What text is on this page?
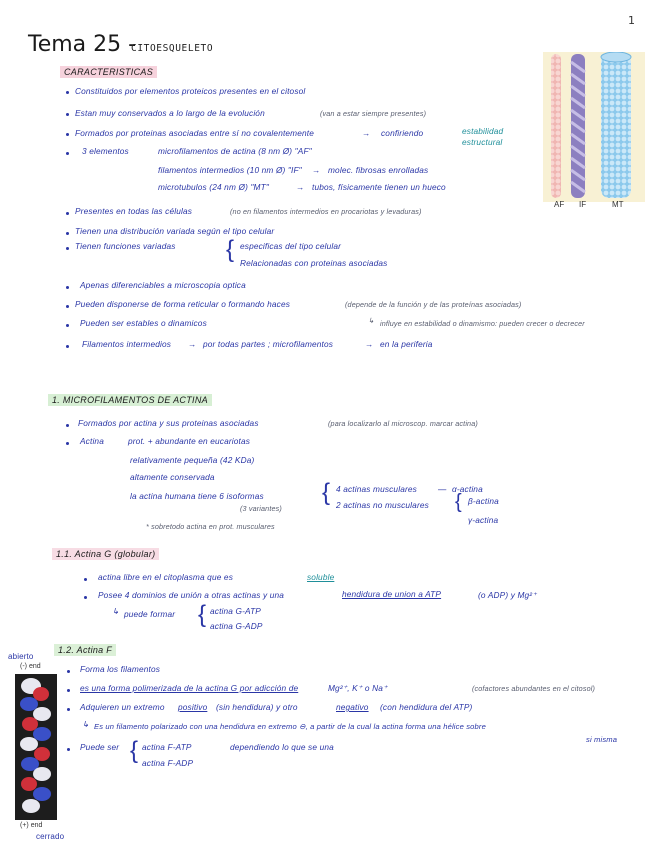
1
Tema 25 -
CITOESQUELETO
CARACTERISTICAS
Constituidos por elementos proteicos presentes en el citosol
Estan muy conservados a lo largo de la evolución	(van a estar siempre presentes)
Formados por proteinas asociadas entre sí no covalentemente	→ confiriendo	estabilidad estructural
3 elementos	microfilamentos de actina (8 nm Ø) "AF"
filamentos intermedios (10 nm Ø) "IF" → molec. fibrosas enrolladas
microtubulos (24 nm Ø) "MT"	→ tubos, físicamente tienen un hueco
Presentes en todas las células	(no en filamentos intermedios en procariotas y levaduras)
Tienen una distribución variada según el tipo celular
Tienen funciones variadas { especificas del tipo celular
Relacionadas con proteinas asociadas
Apenas diferenciables a microscopia optica
Pueden disponerse de forma reticular o formando haces	(depende de la función y de las proteínas asociadas)
Pueden ser estables o dinamicos	↳ influye en estabilidad o dinamismo: pueden crecer o decrecer
Filamentos intermedios → por todas partes ; microfilamentos	→ en la periferia
AF IF	MT
1. MICROFILAMENTOS DE ACTINA
Formados por actina y sus proteinas asociadas	(para localizarlo al microscop. marcar actina)
Actina	prot. + abundante en eucariotas
relativamente pequeña (42 KDa)
altamente conservada
la actina humana tiene 6 isoformas
(3 variantes)
{ 4 actinas musculares	— α-actina
2 actinas no musculares { β-actina
γ-actina
* sobretodo actina en prot. musculares
1.1. Actina G (globular)
actina libre en el citoplasma que es	soluble
Posee 4 dominios de unión a otras actinas y una	hendidura de union a ATP	(o ADP) y Mg²⁺
↳ puede formar { actina G-ATP
actina G-ADP
1.2. Actina F
Forma los filamentos
es una forma polimerizada de la actina G por adicción de	Mg²⁺, K⁺ o Na⁺	(cofactores abundantes en el citosol)
Adquieren un extremo positivo (sin hendidura) y otro	negativo (con hendidura del ATP)
↳ Es un filamento polarizado con una hendidura en extremo ⊖, a partir de la cual la actina forma una hélice sobre
si misma
Puede ser { actina F-ATP
actina F-ADP
dependiendo lo que se una
abierto
(-) end
(+) end
cerrado
